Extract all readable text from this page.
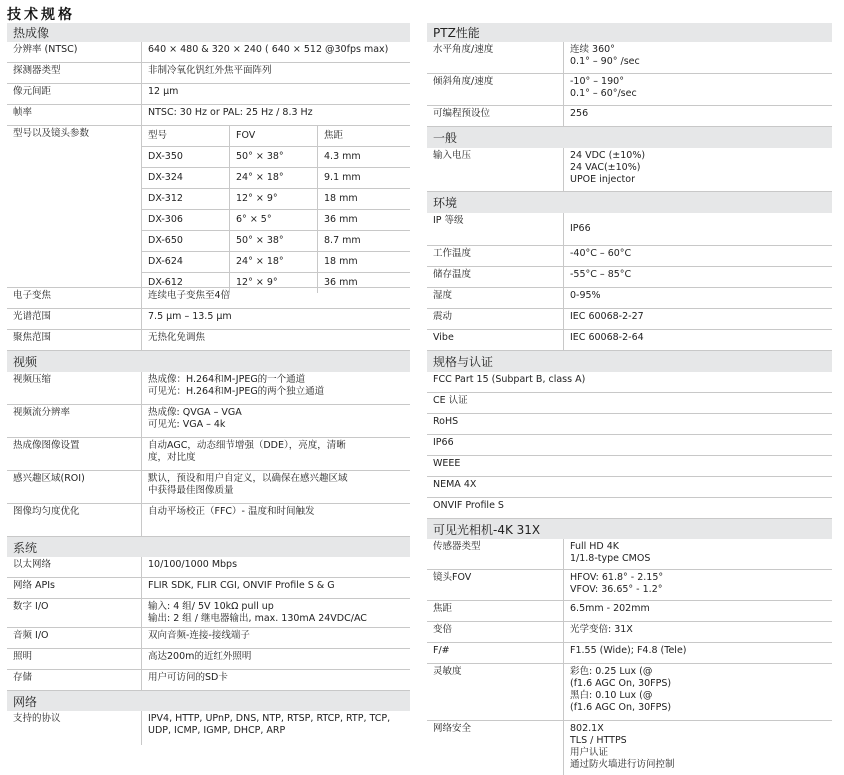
技术规格
热成像
分辨率 (NTSC)	640 × 480 & 320 × 240 ( 640 × 512 @30fps max)
探测器类型	非制冷氧化钒红外焦平面阵列
像元间距	12 μm
帧率	NTSC: 30 Hz or PAL: 25 Hz / 8.3 Hz
型号以及镜头参数	型号	FOV	焦距
DX-350	50° × 38°	4.3 mm
DX-324	24° × 18°	9.1 mm
DX-312	12° × 9°	18 mm
DX-306	6° × 5°	36 mm
DX-650	50° × 38°	8.7 mm
DX-624	24° × 18°	18 mm
DX-612	12° × 9°	36 mm
电子变焦	连续电子变焦至4倍
光谱范围	7.5 μm – 13.5 μm
聚焦范围	无热化免调焦
视频
视频压缩	热成像：H.264和M-JPEG的一个通道
可见光：H.264和M-JPEG的两个独立通道
视频流分辨率	热成像: QVGA – VGA
可见光: VGA – 4k
热成像图像设置	自动AGC，动态细节增强（DDE），亮度，清晰
度，对比度
感兴趣区域(ROI)	默认，预设和用户自定义，以确保在感兴趣区域
中获得最佳图像质量
图像均匀度优化	自动平场校正（FFC）- 温度和时间触发
系统
以太网络	10/100/1000 Mbps
网络 APIs	FLIR SDK, FLIR CGI, ONVIF Profile S & G
数字 I/O	输入: 4 组/ 5V 10kΩ pull up
输出: 2 组 / 继电器输出, max. 130mA 24VDC/AC
音频 I/O	双向音频-连接-接线端子
照明	高达200m的近红外照明
存储	用户可访问的SD卡
网络
支持的协议	IPV4, HTTP, UPnP, DNS, NTP, RTSP, RTCP, RTP, TCP,
UDP, ICMP, IGMP, DHCP, ARP
PTZ性能
水平角度/速度	连续 360°
0.1° – 90° /sec
倾斜角度/速度	-10° – 190°
0.1° – 60°/sec
可编程预设位	256
一般
输入电压	24 VDC (±10%)
24 VAC(±10%)
UPOE injector
环境
IP 等级
IP66
工作温度	-40°C – 60°C
储存温度	-55°C – 85°C
湿度	0-95%
震动	IEC 60068-2-27
Vibe	IEC 60068-2-64
规格与认证
FCC Part 15 (Subpart B, class A)
CE 认证
RoHS
IP66
WEEE
NEMA 4X
ONVIF Profile S
可见光相机-4K 31X
传感器类型	Full HD 4K
1/1.8-type CMOS
镜头FOV	HFOV: 61.8° - 2.15°
VFOV: 36.65° - 1.2°
焦距	6.5mm - 202mm
变倍	光学变倍: 31X
F/#	F1.55 (Wide); F4.8 (Tele)
灵敏度	彩色: 0.25 Lux (@
(f1.6 AGC On, 30FPS)
黑白: 0.10 Lux (@
(f1.6 AGC On, 30FPS)
网络安全	802.1X
TLS / HTTPS
用户认证
通过防火墙进行访问控制
